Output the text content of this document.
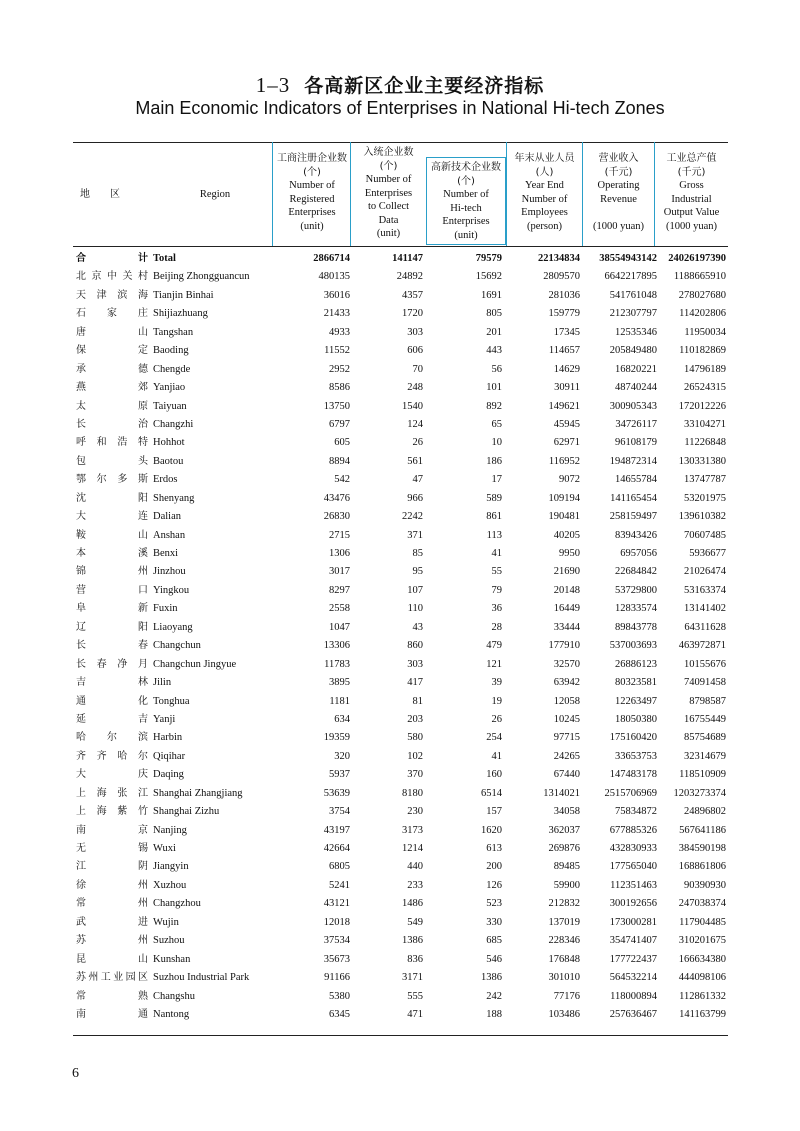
1–3 各高新区企业主要经济指标
Main Economic Indicators of Enterprises in National Hi-tech Zones
地　　区	Region
工商注册企业数
(个)
Number of
Registered
Enterprises
(unit)
入统企业数
(个)
Number of
Enterprises
to Collect
Data
(unit)
高新技术企业数
(个)
Number of
Hi-tech
Enterprises
(unit)
年末从业人员
(人)
Year End
Number of
Employees
(person)
营业收入
(千元)
Operating
Revenue
(1000 yuan)
工业总产值
(千元)
Gross
Industrial
Output Value
(1000 yuan)
合　　计 Total	2866714	141147	79579	22134834	38554943142	24026197390
北京中关村 Beijing Zhongguancun	480135	24892	15692	2809570	6642217895	1188665910
天津滨海 Tianjin Binhai	36016	4357	1691	281036	541761048	278027680
石家庄 Shijiazhuang	21433	1720	805	159779	212307797	114202806
唐　山 Tangshan	4933	303	201	17345	12535346	11950034
保　定 Baoding	11552	606	443	114657	205849480	110182869
承　德 Chengde	2952	70	56	14629	16820221	14796189
燕　郊 Yanjiao	8586	248	101	30911	48740244	26524315
太　原 Taiyuan	13750	1540	892	149621	300905343	172012226
长　治 Changzhi	6797	124	65	45945	34726117	33104271
呼和浩特 Hohhot	605	26	10	62971	96108179	11226848
包　头 Baotou	8894	561	186	116952	194872314	130331380
鄂尔多斯 Erdos	542	47	17	9072	14655784	13747787
沈　阳 Shenyang	43476	966	589	109194	141165454	53201975
大　连 Dalian	26830	2242	861	190481	258159497	139610382
鞍　山 Anshan	2715	371	113	40205	83943426	70607485
本　溪 Benxi	1306	85	41	9950	6957056	5936677
锦　州 Jinzhou	3017	95	55	21690	22684842	21026474
营　口 Yingkou	8297	107	79	20148	53729800	53163374
阜　新 Fuxin	2558	110	36	16449	12833574	13141402
辽　阳 Liaoyang	1047	43	28	33444	89843778	64311628
长　春 Changchun	13306	860	479	177910	537003693	463972871
长春净月 Changchun Jingyue	11783	303	121	32570	26886123	10155676
吉　林 Jilin	3895	417	39	63942	80323581	74091458
通　化 Tonghua	1181	81	19	12058	12263497	8798587
延　吉 Yanji	634	203	26	10245	18050380	16755449
哈尔滨 Harbin	19359	580	254	97715	175160420	85754689
齐齐哈尔 Qiqihar	320	102	41	24265	33653753	32314679
大　庆 Daqing	5937	370	160	67440	147483178	118510909
上海张江 Shanghai Zhangjiang	53639	8180	6514	1314021	2515706969	1203273374
上海紫竹 Shanghai Zizhu	3754	230	157	34058	75834872	24896802
南　京 Nanjing	43197	3173	1620	362037	677885326	567641186
无　锡 Wuxi	42664	1214	613	269876	432830933	384590198
江　阴 Jiangyin	6805	440	200	89485	177565040	168861806
徐　州 Xuzhou	5241	233	126	59900	112351463	90390930
常　州 Changzhou	43121	1486	523	212832	300192656	247038374
武　进 Wujin	12018	549	330	137019	173000281	117904485
苏　州 Suzhou	37534	1386	685	228346	354741407	310201675
昆　山 Kunshan	35673	836	546	176848	177722437	166634380
苏州工业园区 Suzhou Industrial Park	91166	3171	1386	301010	564532214	444098106
常　熟 Changshu	5380	555	242	77176	118000894	112861332
南　通 Nantong	6345	471	188	103486	257636467	141163799
6
